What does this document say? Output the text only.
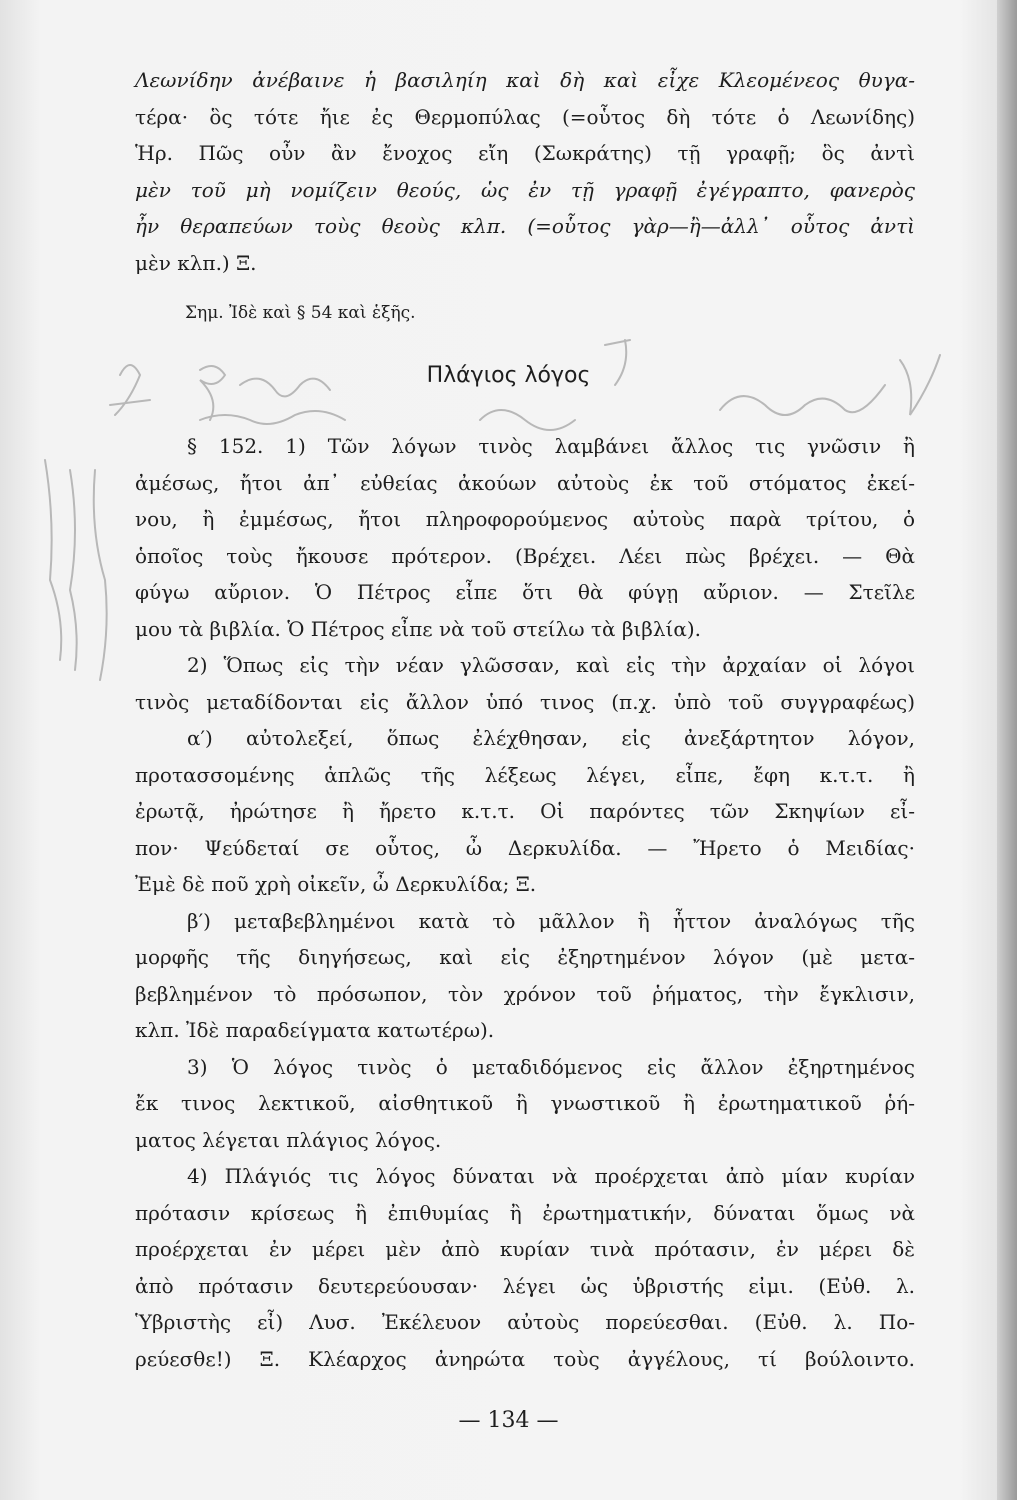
Λεωνίδην ἀνέβαινε ἡ βασιληίη καὶ δὴ καὶ εἶχε Κλεομένεος θυγα-
τέρα· ὃς τότε ἤιε ἐς Θερμοπύλας (=οὗτος δὴ τότε ὁ Λεωνίδης)
Ἡρ. Πῶς οὖν ἂν ἔνοχος εἴη (Σωκράτης) τῇ γραφῇ; ὃς ἀντὶ
μὲν τοῦ μὴ νομίζειν θεούς, ὡς ἐν τῇ γραφῇ ἐγέγραπτο, φανερὸς
ἦν θεραπεύων τοὺς θεοὺς κλπ. (=οὗτος γὰρ—ἢ—ἀλλ᾽ οὗτος ἀντὶ
μὲν κλπ.) Ξ.
Σημ. Ἰδὲ καὶ § 54 καὶ ἑξῆς.
Πλάγιος λόγος
§ 152. 1) Τῶν λόγων τινὸς λαμβάνει ἄλλος τις γνῶσιν ἢ
ἀμέσως, ἤτοι ἀπ᾽ εὐθείας ἀκούων αὐτοὺς ἐκ τοῦ στόματος ἐκεί-
νου, ἢ ἐμμέσως, ἤτοι πληροφορούμενος αὐτοὺς παρὰ τρίτου, ὁ
ὁποῖος τοὺς ἤκουσε πρότερον. (Βρέχει. Λέει πὼς βρέχει. — Θὰ
φύγω αὔριον. Ὁ Πέτρος εἶπε ὅτι θὰ φύγῃ αὔριον. — Στεῖλε
μου τὰ βιβλία. Ὁ Πέτρος εἶπε νὰ τοῦ στείλω τὰ βιβλία).
2) Ὅπως εἰς τὴν νέαν γλῶσσαν, καὶ εἰς τὴν ἀρχαίαν οἱ λόγοι
τινὸς μεταδίδονται εἰς ἄλλον ὑπό τινος (π.χ. ὑπὸ τοῦ συγγραφέως)
α′) αὐτολεξεί, ὅπως ἐλέχθησαν, εἰς ἀνεξάρτητον λόγον,
προτασσομένης ἁπλῶς τῆς λέξεως λέγει, εἶπε, ἔφη κ.τ.τ. ἢ
ἐρωτᾷ, ἠρώτησε ἢ ἤρετο κ.τ.τ. Οἱ παρόντες τῶν Σκηψίων εἶ-
πον· Ψεύδεταί σε οὗτος, ὦ Δερκυλίδα. — Ἤρετο ὁ Μειδίας·
Ἐμὲ δὲ ποῦ χρὴ οἰκεῖν, ὦ Δερκυλίδα; Ξ.
β′) μεταβεβλημένοι κατὰ τὸ μᾶλλον ἢ ἧττον ἀναλόγως τῆς
μορφῆς τῆς διηγήσεως, καὶ εἰς ἐξηρτημένον λόγον (μὲ μετα-
βεβλημένον τὸ πρόσωπον, τὸν χρόνον τοῦ ῥήματος, τὴν ἔγκλισιν,
κλπ. Ἰδὲ παραδείγματα κατωτέρω).
3) Ὁ λόγος τινὸς ὁ μεταδιδόμενος εἰς ἄλλον ἐξηρτημένος
ἔκ τινος λεκτικοῦ, αἰσθητικοῦ ἢ γνωστικοῦ ἢ ἐρωτηματικοῦ ῥή-
ματος λέγεται πλάγιος λόγος.
4) Πλάγιός τις λόγος δύναται νὰ προέρχεται ἀπὸ μίαν κυρίαν
πρότασιν κρίσεως ἢ ἐπιθυμίας ἢ ἐρωτηματικήν, δύναται ὅμως νὰ
προέρχεται ἐν μέρει μὲν ἀπὸ κυρίαν τινὰ πρότασιν, ἐν μέρει δὲ
ἀπὸ πρότασιν δευτερεύουσαν· λέγει ὡς ὑβριστής εἰμι. (Εὐθ. λ.
Ὑβριστὴς εἶ) Λυσ. Ἐκέλευον αὐτοὺς πορεύεσθαι. (Εὐθ. λ. Πο-
ρεύεσθε!) Ξ. Κλέαρχος ἀνηρώτα τοὺς ἀγγέλους, τί βούλοιντο.
— 134 —
